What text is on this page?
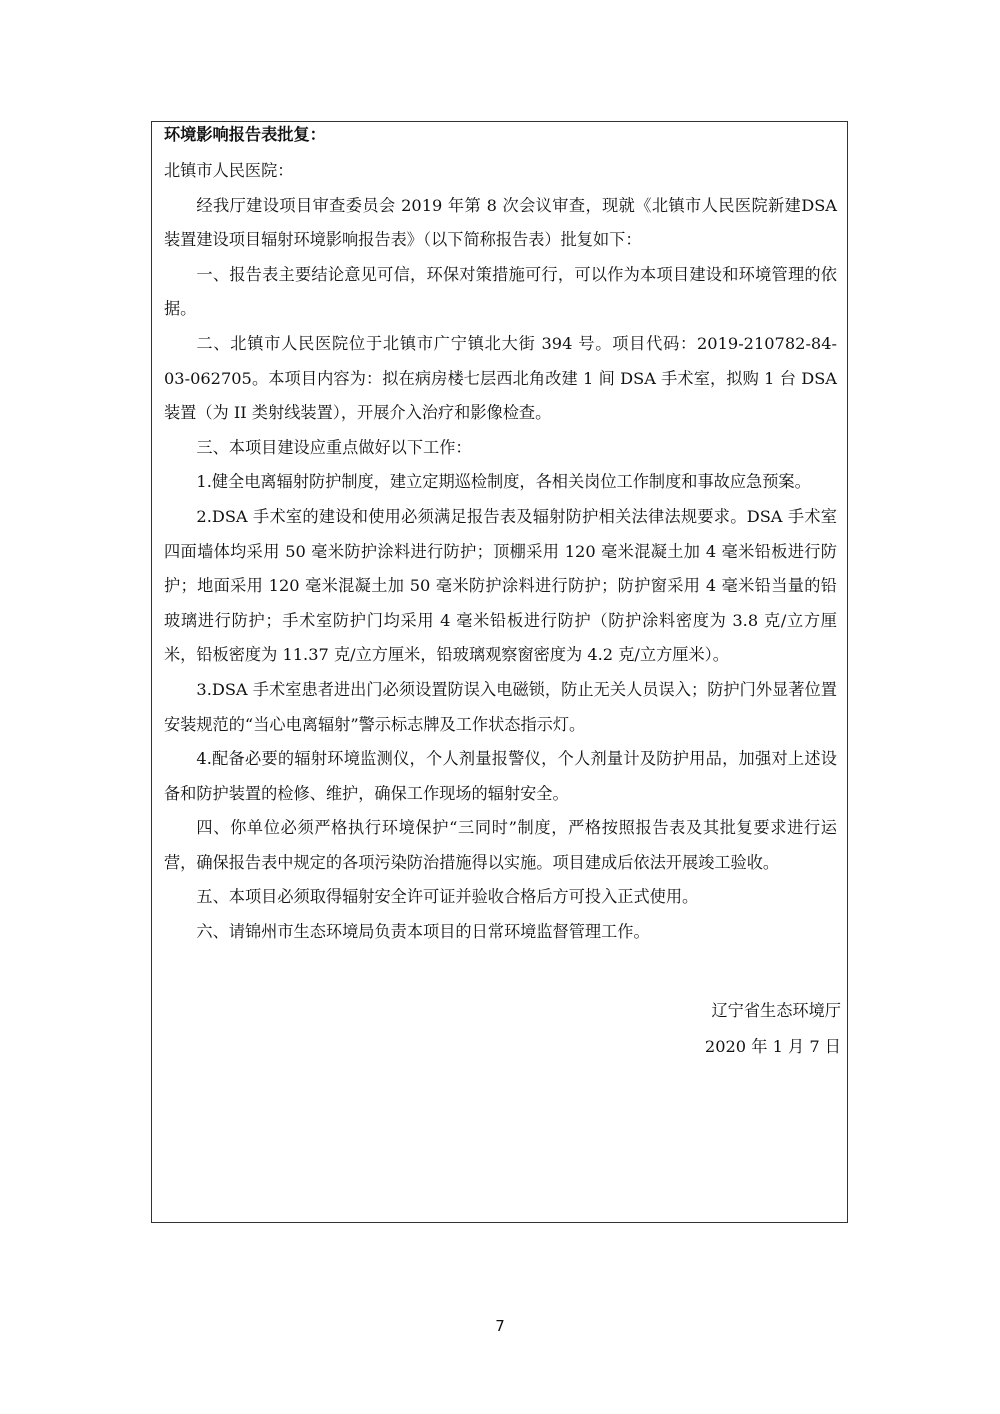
环境影响报告表批复：
北镇市人民医院：

经我厅建设项目审查委员会 2019 年第 8 次会议审查，现就《北镇市人民医院新建DSA 装置建设项目辐射环境影响报告表》（以下简称报告表）批复如下：

一、报告表主要结论意见可信，环保对策措施可行，可以作为本项目建设和环境管理的依据。

二、北镇市人民医院位于北镇市广宁镇北大街 394 号。项目代码：2019-210782-84-03-062705。本项目内容为：拟在病房楼七层西北角改建 1 间 DSA 手术室，拟购 1 台 DSA 装置（为 II 类射线装置），开展介入治疗和影像检查。

三、本项目建设应重点做好以下工作：

1.健全电离辐射防护制度，建立定期巡检制度，各相关岗位工作制度和事故应急预案。

2.DSA 手术室的建设和使用必须满足报告表及辐射防护相关法律法规要求。DSA 手术室四面墙体均采用 50 毫米防护涂料进行防护；顶棚采用 120 毫米混凝土加 4 毫米铅板进行防护；地面采用 120 毫米混凝土加 50 毫米防护涂料进行防护；防护窗采用 4 毫米铅当量的铅玻璃进行防护；手术室防护门均采用 4 毫米铅板进行防护（防护涂料密度为 3.8 克/立方厘米，铅板密度为 11.37 克/立方厘米，铅玻璃观察窗密度为 4.2 克/立方厘米）。

3.DSA 手术室患者进出门必须设置防误入电磁锁，防止无关人员误入；防护门外显著位置安装规范的“当心电离辐射”警示标志牌及工作状态指示灯。

4.配备必要的辐射环境监测仪，个人剂量报警仪，个人剂量计及防护用品，加强对上述设备和防护装置的检修、维护，确保工作现场的辐射安全。

四、你单位必须严格执行环境保护“三同时”制度，严格按照报告表及其批复要求进行运营，确保报告表中规定的各项污染防治措施得以实施。项目建成后依法开展竣工验收。

五、本项目必须取得辐射安全许可证并验收合格后方可投入正式使用。

六、请锦州市生态环境局负责本项目的日常环境监督管理工作。

辽宁省生态环境厅
2020 年 1 月 7 日
7
